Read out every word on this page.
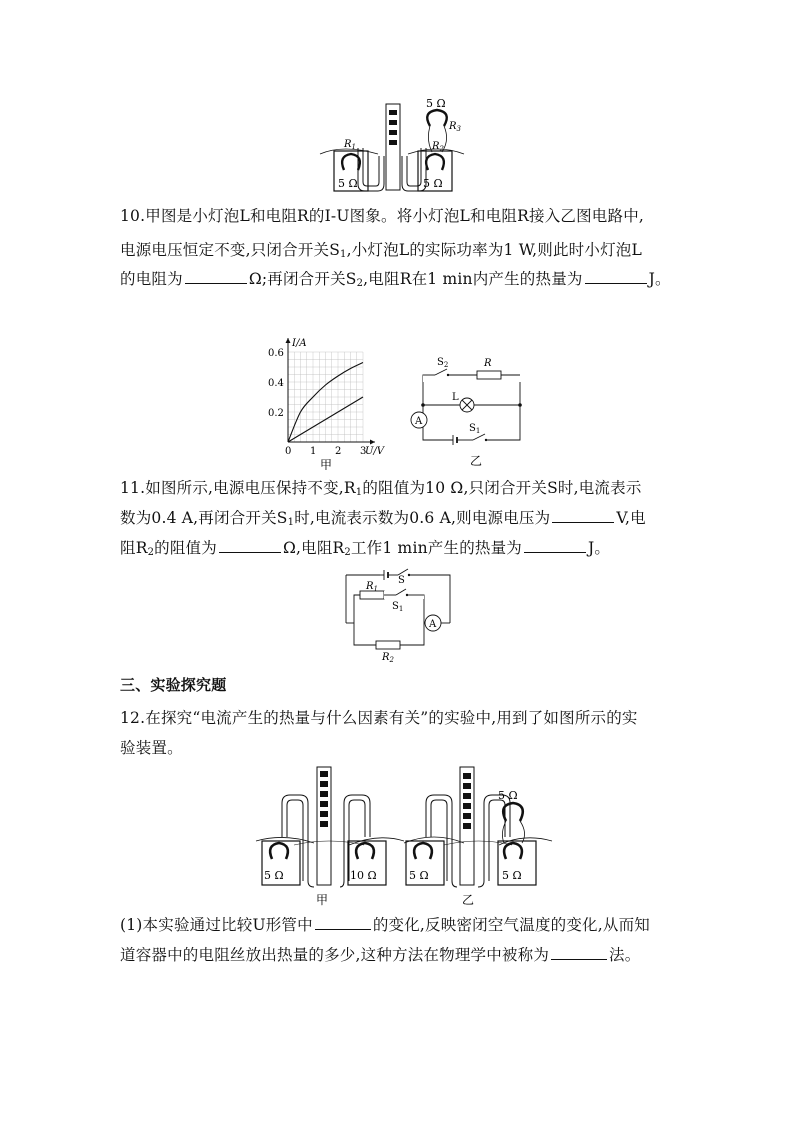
5 Ω
$R_3$
$R_1$	$R_2$
5 Ω	5 Ω
10.甲图是小灯泡L和电阻R的I-U图象。将小灯泡L和电阻R接入乙图电路中,
电源电压恒定不变,只闭合开关$S_1$,小灯泡L的实际功率为1 W,则此时小灯泡L
的电阻为	Ω;再闭合开关$S_2$,电阻R在1 min内产生的热量为	J。
0 1 2 3
0.2
0.4
0.6
U/V
I/A
甲
$S_2$	R
L
A
$S_1$
乙
11.如图所示,电源电压保持不变$,R_1$的阻值为10 Ω,只闭合开关S时,电流表示
数为0.4 A,再闭合开关$S_1$时,电流表示数为0.6 A,则电源电压为	V,电
阻$R_2$的阻值为	Ω,电阻$R_2$工作1 min产生的热量为	J。
S
$R_1$
$S_1$
A
$R_2$
三、实验探究题
12.在探究“电流产生的热量与什么因素有关”的实验中,用到了如图所示的实
验装置。
5 Ω	10 Ω
甲
5 Ω
5 Ω	5 Ω
乙
(1)本实验通过比较U形管中	的变化,反映密闭空气温度的变化,从而知
道容器中的电阻丝放出热量的多少,这种方法在物理学中被称为	法。
